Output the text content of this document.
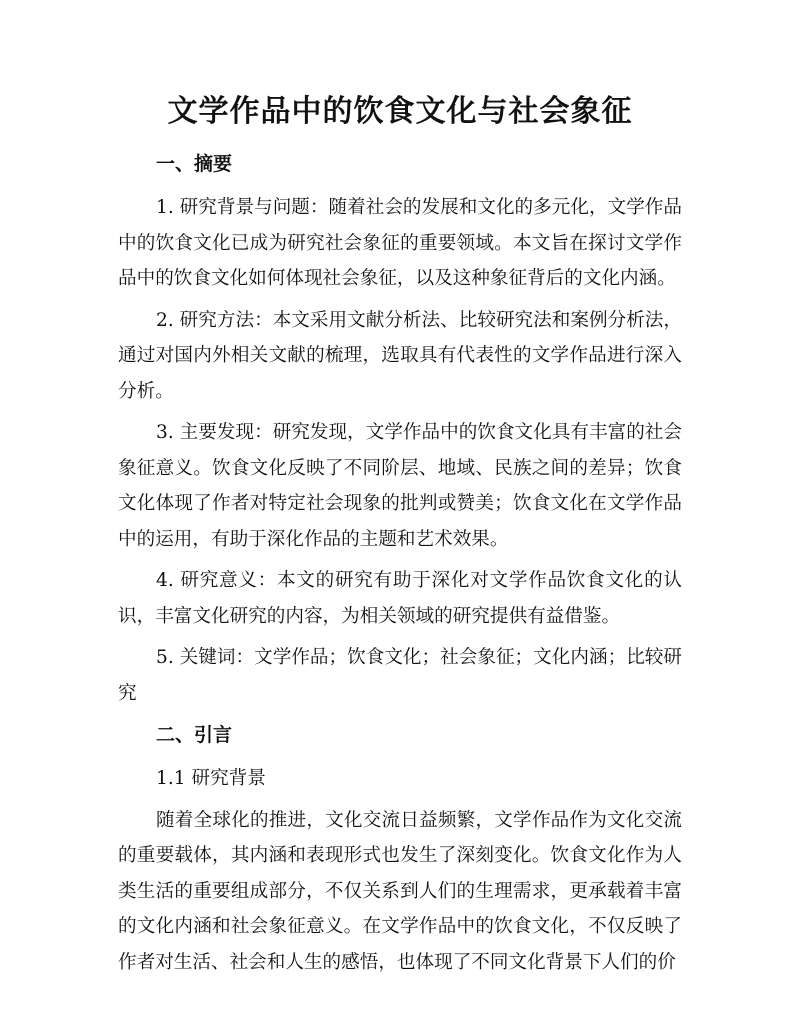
文学作品中的饮食文化与社会象征
一、摘要

1. 研究背景与问题：随着社会的发展和文化的多元化，文学作品中的饮食文化已成为研究社会象征的重要领域。本文旨在探讨文学作品中的饮食文化如何体现社会象征，以及这种象征背后的文化内涵。

2. 研究方法：本文采用文献分析法、比较研究法和案例分析法，通过对国内外相关文献的梳理，选取具有代表性的文学作品进行深入分析。

3. 主要发现：研究发现，文学作品中的饮食文化具有丰富的社会象征意义。饮食文化反映了不同阶层、地域、民族之间的差异；饮食文化体现了作者对特定社会现象的批判或赞美；饮食文化在文学作品中的运用，有助于深化作品的主题和艺术效果。

4. 研究意义：本文的研究有助于深化对文学作品饮食文化的认识，丰富文化研究的内容，为相关领域的研究提供有益借鉴。

5. 关键词：文学作品；饮食文化；社会象征；文化内涵；比较研究

二、引言

1.1 研究背景

随着全球化的推进，文化交流日益频繁，文学作品作为文化交流的重要载体，其内涵和表现形式也发生了深刻变化。饮食文化作为人类生活的重要组成部分，不仅关系到人们的生理需求，更承载着丰富的文化内涵和社会象征意义。在文学作品中的饮食文化，不仅反映了作者对生活、社会和人生的感悟，也体现了不同文化背景下人们的价
